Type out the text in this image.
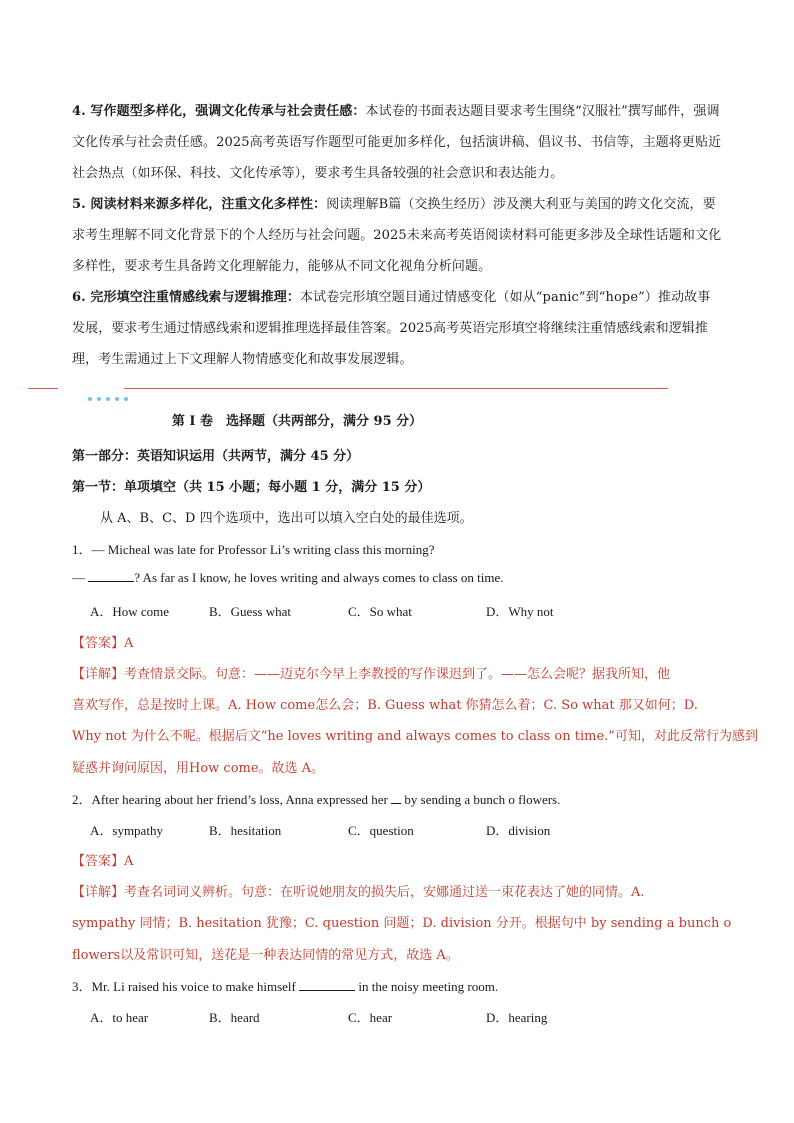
4. 写作题型多样化，强调文化传承与社会责任感：本试卷的书面表达题目要求考生围绕“汉服社”撰写邮件，强调文化传承与社会责任感。2025高考英语写作题型可能更加多样化，包括演讲稿、倡议书、书信等，主题将更贴近社会热点（如环保、科技、文化传承等），要求考生具备较强的社会意识和表达能力。
5. 阅读材料来源多样化，注重文化多样性：阅读理解B篇（交换生经历）涉及澳大利亚与美国的跨文化交流，要求考生理解不同文化背景下的个人经历与社会问题。2025未来高考英语阅读材料可能更多涉及全球性话题和文化多样性，要求考生具备跨文化理解能力，能够从不同文化视角分析问题。
6. 完形填空注重情感线索与逻辑推理：本试卷完形填空题目通过情感变化（如从“panic”到“hope”）推动故事发展，要求考生通过情感线索和逻辑推理选择最佳答案。2025高考英语完形填空将继续注重情感线索和逻辑推理，考生需通过上下文理解人物情感变化和故事发展逻辑。
第 I 卷　选择题（共两部分，满分 95 分）
第一部分：英语知识运用（共两节，满分 45 分）
第一节：单项填空（共 15 小题；每小题 1 分，满分 15 分）
从 A、B、C、D 四个选项中，选出可以填入空白处的最佳选项。
1．— Micheal was late for Professor Li’s writing class this morning?
—	? As far as I know, he loves writing and always comes to class on time.
A．How come	B．Guess what	C．So what	D．Why not
【答案】A
【详解】考查情景交际。句意：——迈克尔今早上李教授的写作课迟到了。——怎么会呢？据我所知，他
喜欢写作，总是按时上课。A. How come怎么会；B. Guess what 你猜怎么着；C. So what 那又如何；D.
Why not 为什么不呢。根据后文“he loves writing and always comes to class on time.”可知，对此反常行为感到
疑惑并询问原因，用How come。故选 A。
2．After hearing about her friend’s loss, Anna expressed her  by sending a bunch o flowers.
A．sympathy	B．hesitation	C．question	D．division
【答案】A
【详解】考查名词词义辨析。句意：在听说她朋友的损失后，安娜通过送一束花表达了她的同情。A.
sympathy 同情；B. hesitation 犹豫；C. question 问题；D. division 分开。根据句中 by sending a bunch o
flowers以及常识可知，送花是一种表达同情的常见方式，故选 A。
3．Mr. Li raised his voice to make himself	in the noisy meeting room.
A．to hear	B．heard	C．hear	D．hearing
